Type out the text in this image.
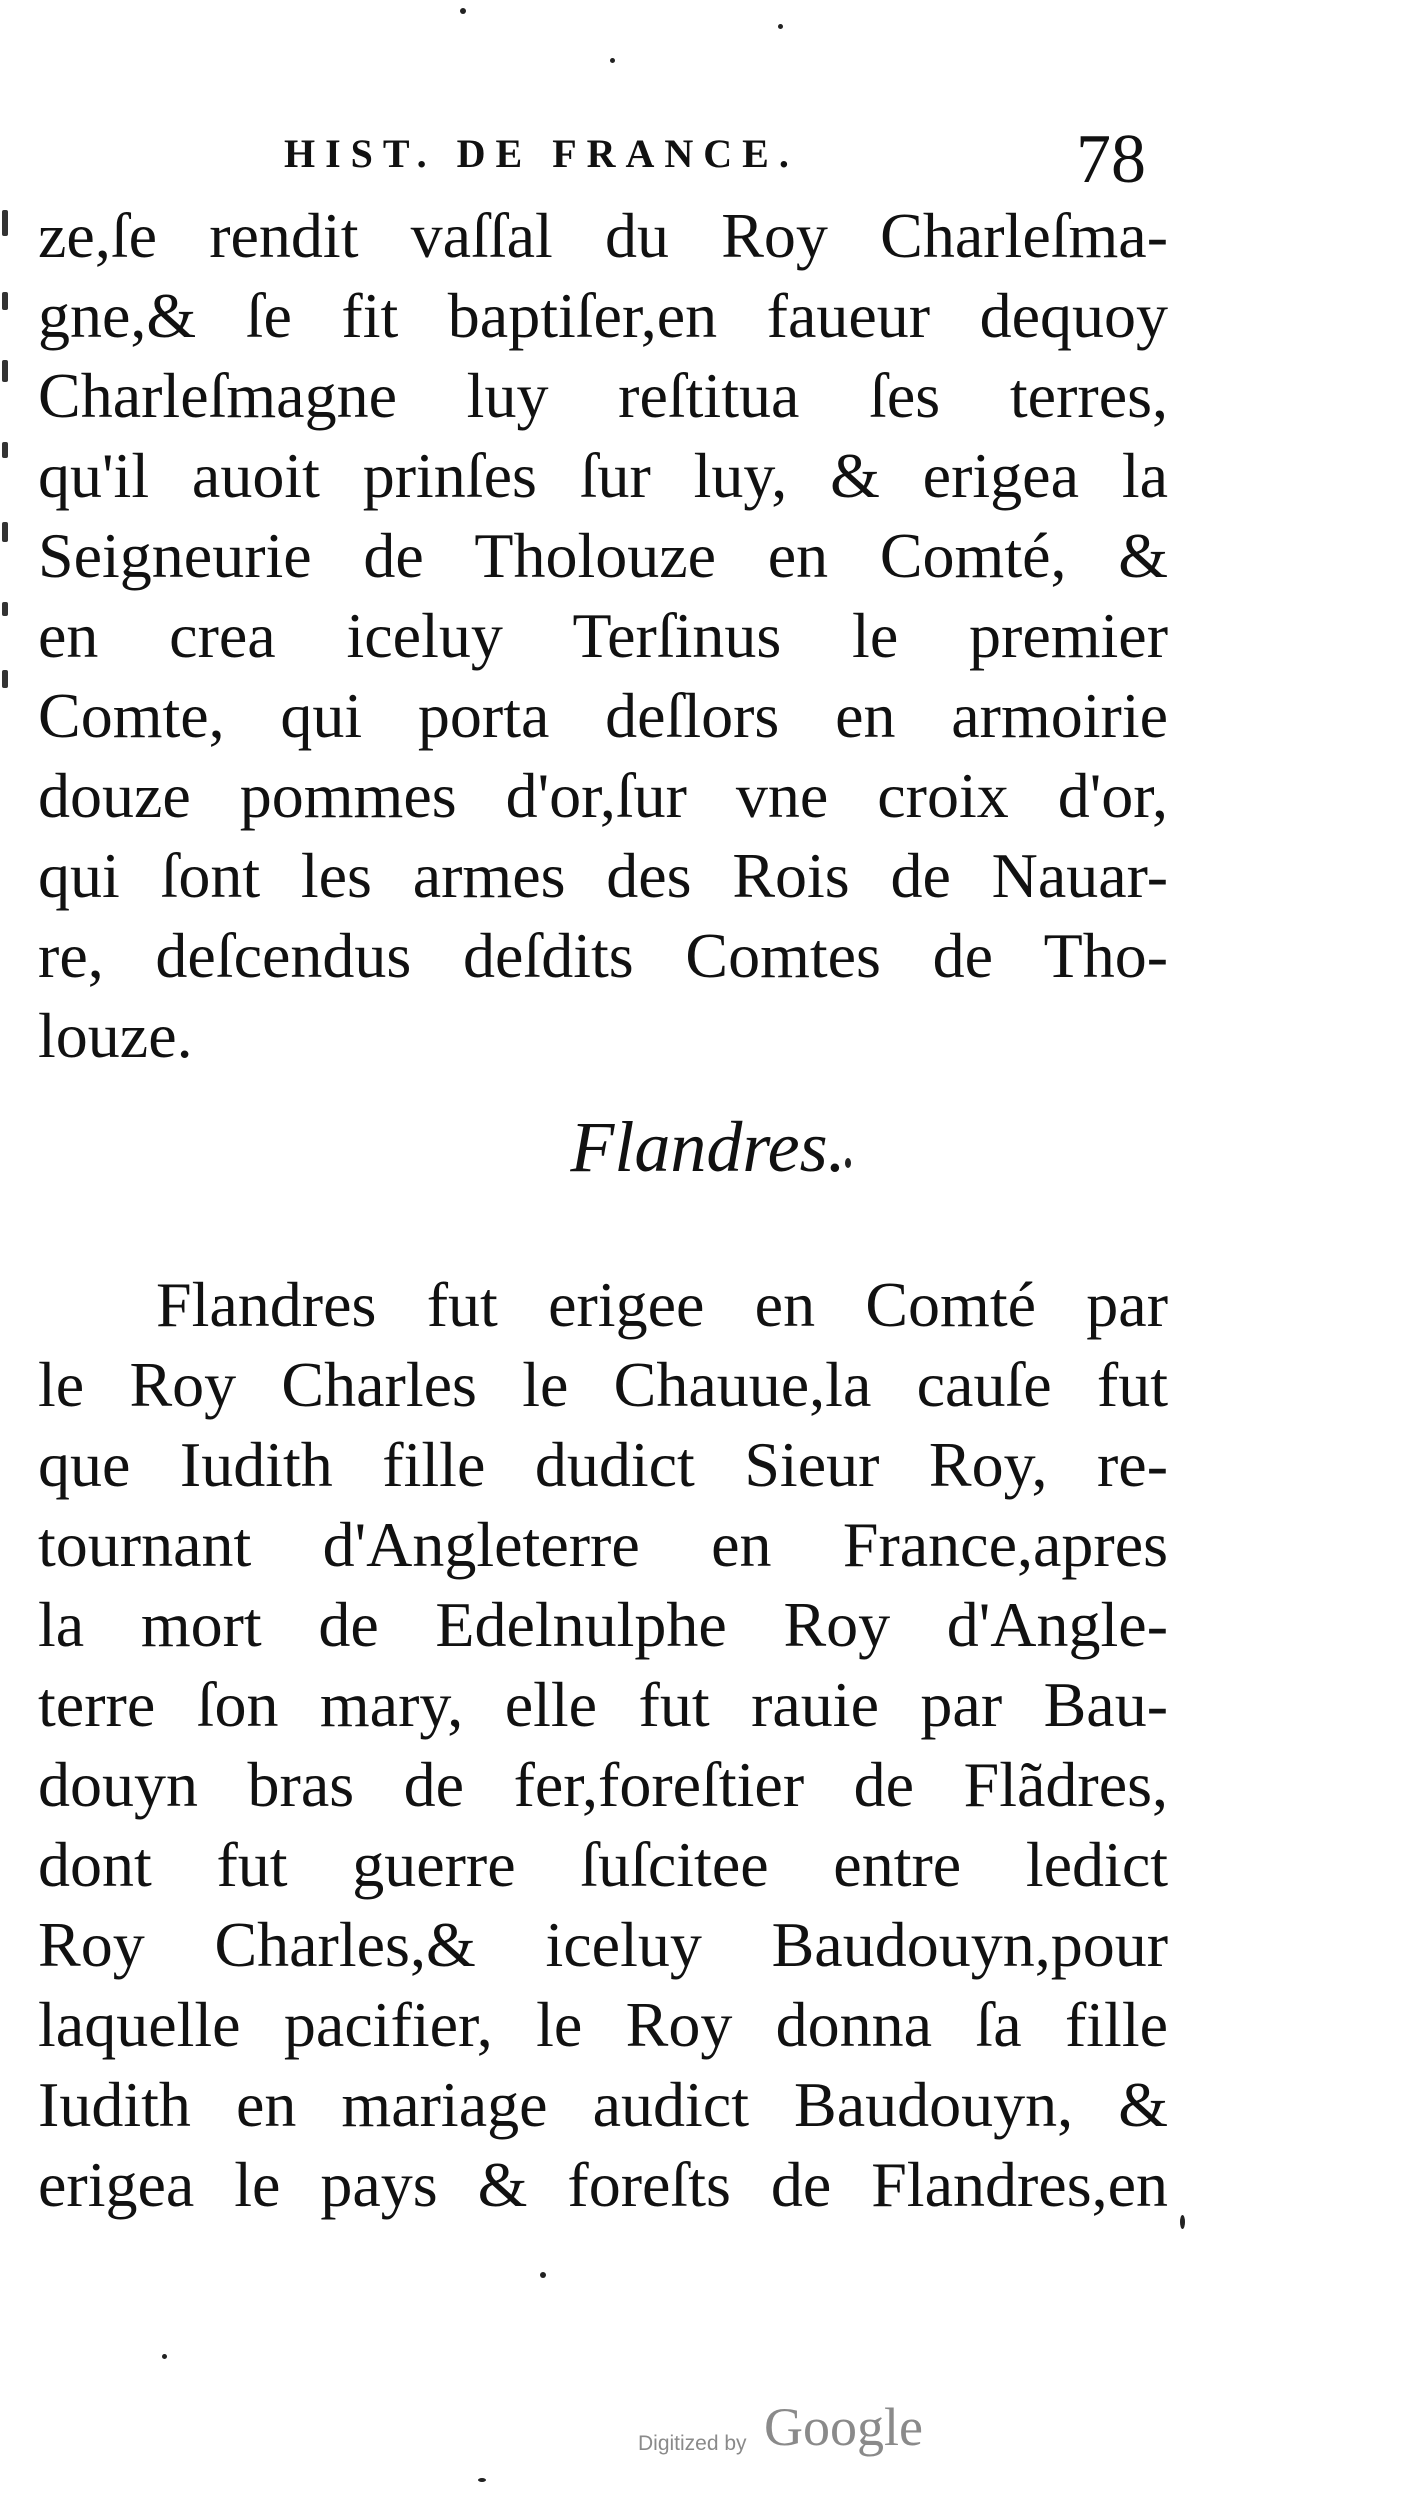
HIST. DE FRANCE.	78
ze,ſe rendit vaſſal du Roy Charleſma-
gne,& ſe fit baptiſer,en faueur dequoy
Charleſmagne luy reſtitua ſes terres,
qu'il auoit prinſes ſur luy, & erigea la
Seigneurie de Tholouze en Comté, &
en crea iceluy Terſinus le premier
Comte, qui porta deſlors en armoirie
douze pommes d'or,ſur vne croix d'or,
qui ſont les armes des Rois de Nauar-
re, deſcendus deſdits Comtes de Tho-
louze.
Flandres.
Flandres fut erigee en Comté par
le Roy Charles le Chauue,la cauſe fut
que Iudith fille dudict Sieur Roy, re-
tournant d'Angleterre en France,apres
la mort de Edelnulphe Roy d'Angle-
terre ſon mary, elle fut rauie par Bau-
douyn bras de fer,foreſtier de Flãdres,
dont fut guerre ſuſcitee entre ledict
Roy Charles,& iceluy Baudouyn,pour
laquelle pacifier, le Roy donna ſa fille
Iudith en mariage audict Baudouyn, &
erigea le pays & foreſts de Flandres,en
Digitized by Google
